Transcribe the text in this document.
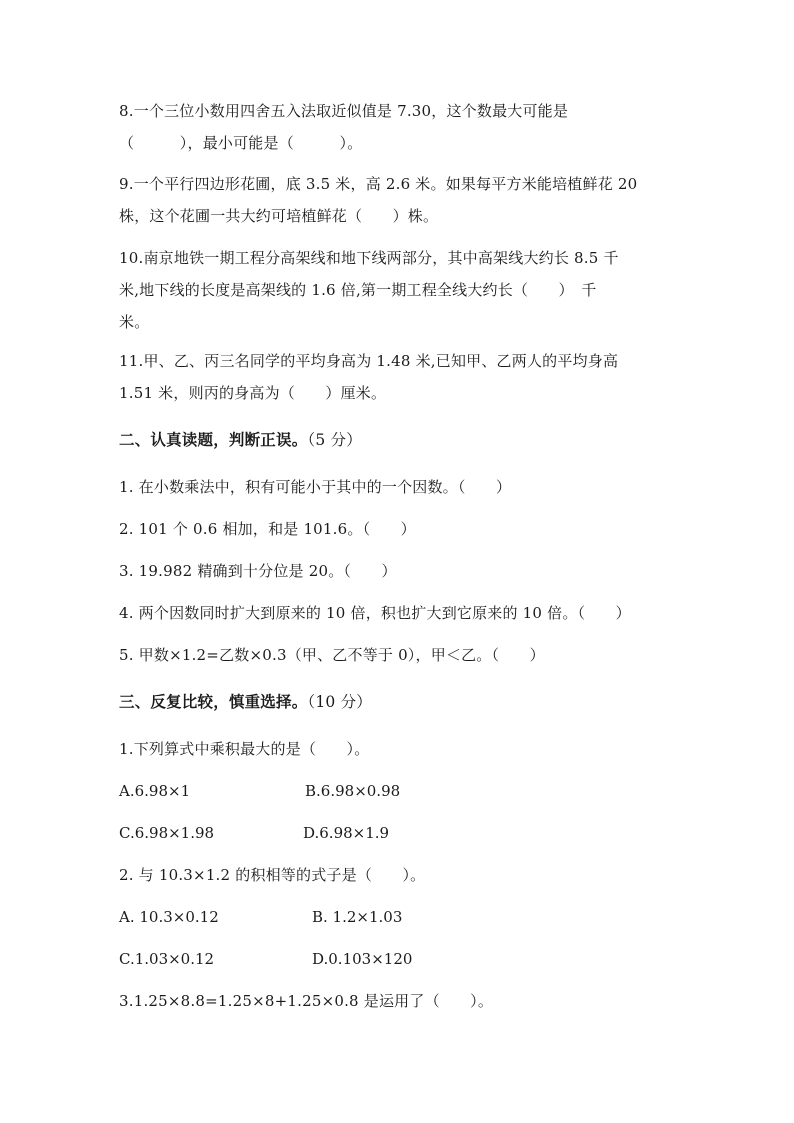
8.一个三位小数用四舍五入法取近似值是 7.30，这个数最大可能是
（　　　），最小可能是（　　　）。
9.一个平行四边形花圃，底 3.5 米，高 2.6 米。如果每平方米能培植鲜花 20
株，这个花圃一共大约可培植鲜花（　　）株。
10.南京地铁一期工程分高架线和地下线两部分，其中高架线大约长 8.5 千
米,地下线的长度是高架线的 1.6 倍,第一期工程全线大约长（　　）　千
米。
11.甲、乙、丙三名同学的平均身高为 1.48 米,已知甲、乙两人的平均身高
1.51 米，则丙的身高为（　　）厘米。
二、认真读题，判断正误。（5 分）
1. 在小数乘法中，积有可能小于其中的一个因数。（　　）
2. 101 个 0.6 相加，和是 101.6。（　　）
3. 19.982 精确到十分位是 20。（　　）
4. 两个因数同时扩大到原来的 10 倍，积也扩大到它原来的 10 倍。（　　）
5. 甲数×1.2=乙数×0.3（甲、乙不等于 0），甲＜乙。（　　）
三、反复比较，慎重选择。（10 分）
1.下列算式中乘积最大的是（　　）。
A.6.98×1	B.6.98×0.98
C.6.98×1.98	D.6.98×1.9
2. 与 10.3×1.2 的积相等的式子是（　　）。
A. 10.3×0.12	B. 1.2×1.03
C.1.03×0.12	D.0.103×120
3.1.25×8.8=1.25×8+1.25×0.8 是运用了（　　）。
